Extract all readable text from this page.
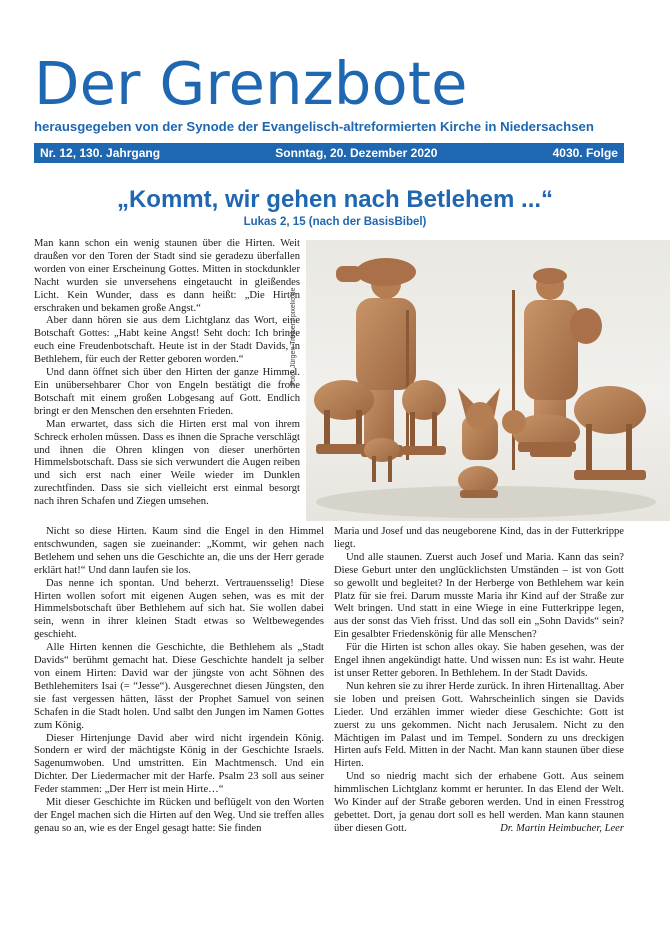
Der Grenzbote
herausgegeben von der Synode der Evangelisch-altreformierten Kirche in Niedersachsen
Nr. 12, 130. Jahrgang	Sonntag, 20. Dezember 2020	4030. Folge
„Kommt, wir gehen nach Betlehem ...“
Lukas 2, 15 (nach der BasisBibel)

Man kann schon ein wenig staunen über die Hirten. Weit draußen vor den Toren der Stadt sind sie geradezu überfallen worden von einer Erscheinung Gottes. Mitten in stockdunkler Nacht wurden sie unversehens eingetaucht in gleißendes Licht. Kein Wunder, dass es dann heißt: „Die Hirten erschraken und bekamen große Angst.“

Aber dann hören sie aus dem Lichtglanz das Wort, eine Botschaft Gottes: „Habt keine Angst! Seht doch: Ich bringe euch eine Freudenbotschaft. Heute ist in der Stadt Davids, in Bethlehem, für euch der Retter geboren worden.“

Und dann öffnet sich über den Hirten der ganze Himmel. Ein unübersehbarer Chor von Engeln bestätigt die frohe Botschaft mit einem großen Lobgesang auf Gott. Endlich bringt er den Menschen den ersehnten Frieden.

Man erwartet, dass sich die Hirten erst mal von ihrem Schreck erholen müssen. Dass es ihnen die Sprache verschlägt und ihnen die Ohren klingen von dieser unerhörten Himmelsbotschaft. Dass sie sich verwundert die Augen reiben und sich erst nach einer Weile wieder im Dunklen zurechtfinden. Dass sie sich vielleicht erst einmal besorgt nach ihren Schafen und Ziegen umsehen.

Foto: Jürgen Treiber / pixelio.de

Nicht so diese Hirten. Kaum sind die Engel in den Himmel entschwunden, sagen sie zueinander: „Kommt, wir gehen nach Betlehem und sehen uns die Geschichte an, die uns der Herr gerade erklärt hat!“ Und dann laufen sie los.

Das nenne ich spontan. Und beherzt. Vertrauensselig! Diese Hirten wollen sofort mit eigenen Augen sehen, was es mit der Himmelsbotschaft über Bethlehem auf sich hat. Sie wollen dabei sein, wenn in ihrer kleinen Stadt etwas so Weltbewegendes geschieht.

Alle Hirten kennen die Geschichte, die Bethlehem als „Stadt Davids“ berühmt gemacht hat. Diese Geschichte handelt ja selber von einem Hirten: David war der jüngste von acht Söhnen des Bethlehemiters Isai (= “Jesse“). Ausgerechnet diesen Jüngsten, den sie fast vergessen hätten, lässt der Prophet Samuel von seinen Schafen in die Stadt holen. Und salbt den Jungen im Namen Gottes zum König.

Dieser Hirtenjunge David aber wird nicht irgendein König. Sondern er wird der mächtigste König in der Geschichte Israels. Sagenumwoben. Und umstritten. Ein Machtmensch. Und ein Dichter. Der Liedermacher mit der Harfe. Psalm 23 soll aus seiner Feder stammen: „Der Herr ist mein Hirte…“

Mit dieser Geschichte im Rücken und beflügelt von den Worten der Engel machen sich die Hirten auf den Weg. Und sie treffen alles genau so an, wie es der Engel gesagt hatte: Sie finden

Maria und Josef und das neugeborene Kind, das in der Futterkrippe liegt.

Und alle staunen. Zuerst auch Josef und Maria. Kann das sein? Diese Geburt unter den unglücklichsten Umständen – ist von Gott so gewollt und begleitet? In der Herberge von Bethlehem war kein Platz für sie frei. Darum musste Maria ihr Kind auf der Straße zur Welt bringen. Und statt in eine Wiege in eine Futterkrippe legen, aus der sonst das Vieh frisst. Und das soll ein „Sohn Davids“ sein? Ein gesalbter Friedenskönig für alle Menschen?

Für die Hirten ist schon alles okay. Sie haben gesehen, was der Engel ihnen angekündigt hatte. Und wissen nun: Es ist wahr. Heute ist unser Retter geboren. In Bethlehem. In der Stadt Davids.

Nun kehren sie zu ihrer Herde zurück. In ihren Hirtenalltag. Aber sie loben und preisen Gott. Wahrscheinlich singen sie Davids Lieder. Und erzählen immer wieder diese Geschichte: Gott ist zuerst zu uns gekommen. Nicht nach Jerusalem. Nicht zu den Mächtigen im Palast und im Tempel. Sondern zu uns dreckigen Hirten aufs Feld. Mitten in der Nacht. Man kann staunen über diese Hirten.

Und so niedrig macht sich der erhabene Gott. Aus seinem himmlischen Lichtglanz kommt er herunter. In das Elend der Welt. Wo Kinder auf der Straße geboren werden. Und in einen Fresstrog gebettet. Dort, ja genau dort soll es hell werden. Man kann staunen über diesen Gott.	Dr. Martin Heimbucher, Leer
